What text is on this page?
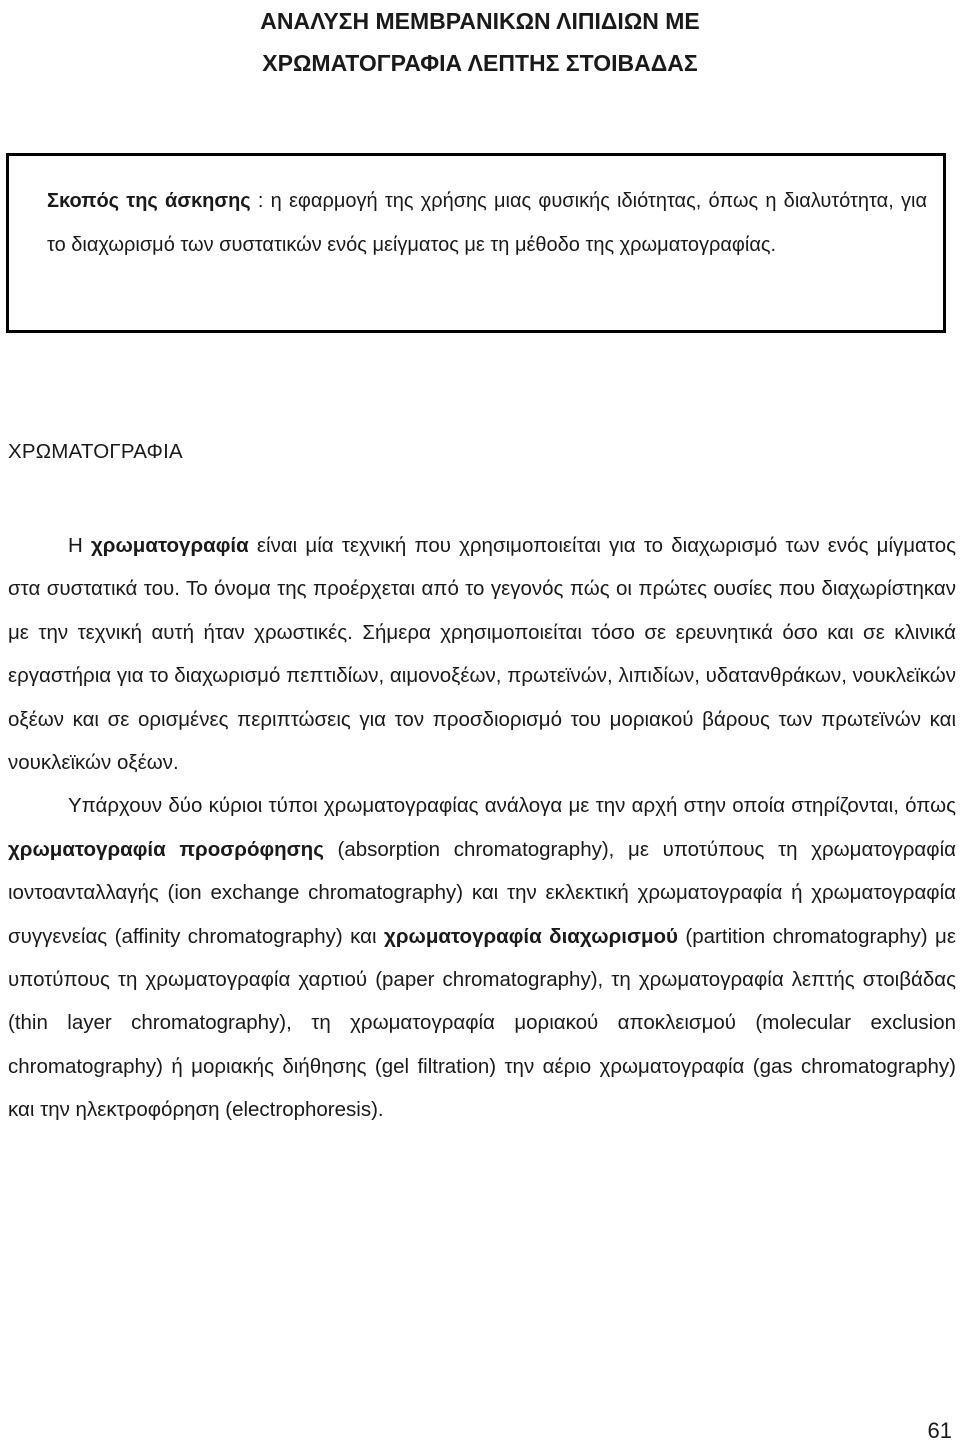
ΑΝΑΛΥΣΗ ΜΕΜΒΡΑΝΙΚΩΝ ΛΙΠΙΔΙΩΝ ΜΕ
ΧΡΩΜΑΤΟΓΡΑΦΙΑ ΛΕΠΤΗΣ ΣΤΟΙΒΑΔΑΣ

Σκοπός της άσκησης : η εφαρμογή της χρήσης μιας φυσικής ιδιότητας, όπως η διαλυτότητα, για το διαχωρισμό των συστατικών ενός μείγματος με τη μέθοδο της χρωματογραφίας.

ΧΡΩΜΑΤΟΓΡΑΦΙΑ

Η χρωματογραφία είναι μία τεχνική που χρησιμοποιείται για το διαχωρισμό των ενός μίγματος στα συστατικά του. Το όνομα της προέρχεται από το γεγονός πώς οι πρώτες ουσίες που διαχωρίστηκαν με την τεχνική αυτή ήταν χρωστικές. Σήμερα χρησιμοποιείται τόσο σε ερευνητικά όσο και σε κλινικά εργαστήρια για το διαχωρισμό πεπτιδίων, αιμονοξέων, πρωτεϊνών, λιπιδίων, υδατανθράκων, νουκλεϊκών οξέων και σε ορισμένες περιπτώσεις για τον προσδιορισμό του μοριακού βάρους των πρωτεϊνών και νουκλεϊκών οξέων.

Υπάρχουν δύο κύριοι τύποι χρωματογραφίας ανάλογα με την αρχή στην οποία στηρίζονται, όπως χρωματογραφία προσρόφησης (absorption chromatography), με υποτύπους τη χρωματογραφία ιοντοανταλλαγής (ion exchange chromatography) και την εκλεκτική χρωματογραφία ή χρωματογραφία συγγενείας (affinity chromatography) και χρωματογραφία διαχωρισμού (partition chromatography) με υποτύπους τη χρωματογραφία χαρτιού (paper chromatography), τη χρωματογραφία λεπτής στοιβάδας (thin layer chromatography), τη χρωματογραφία μοριακού αποκλεισμού (molecular exclusion chromatography) ή μοριακής διήθησης (gel filtration) την αέριο χρωματογραφία (gas chromatography) και την ηλεκτροφόρηση (electrophoresis).

61
